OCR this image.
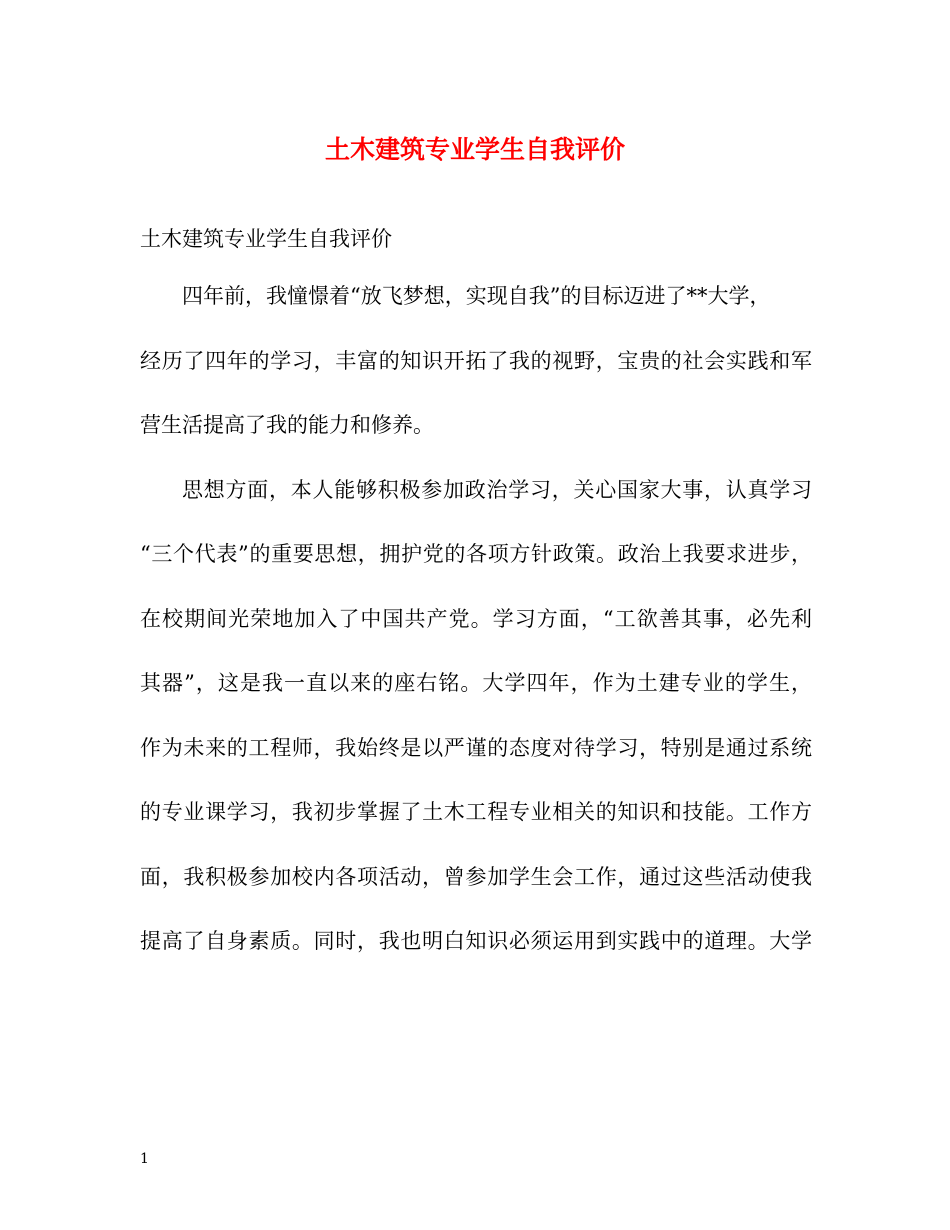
土木建筑专业学生自我评价
土木建筑专业学生自我评价
四年前，我憧憬着“放飞梦想，实现自我”的目标迈进了**大学，
经历了四年的学习，丰富的知识开拓了我的视野，宝贵的社会实践和军
营生活提高了我的能力和修养。
思想方面，本人能够积极参加政治学习，关心国家大事，认真学习
“三个代表”的重要思想，拥护党的各项方针政策。政治上我要求进步，
在校期间光荣地加入了中国共产党。学习方面，“工欲善其事，必先利
其器”，这是我一直以来的座右铭。大学四年，作为土建专业的学生，
作为未来的工程师，我始终是以严谨的态度对待学习，特别是通过系统
的专业课学习，我初步掌握了土木工程专业相关的知识和技能。工作方
面，我积极参加校内各项活动，曾参加学生会工作，通过这些活动使我
提高了自身素质。同时，我也明白知识必须运用到实践中的道理。大学
1
